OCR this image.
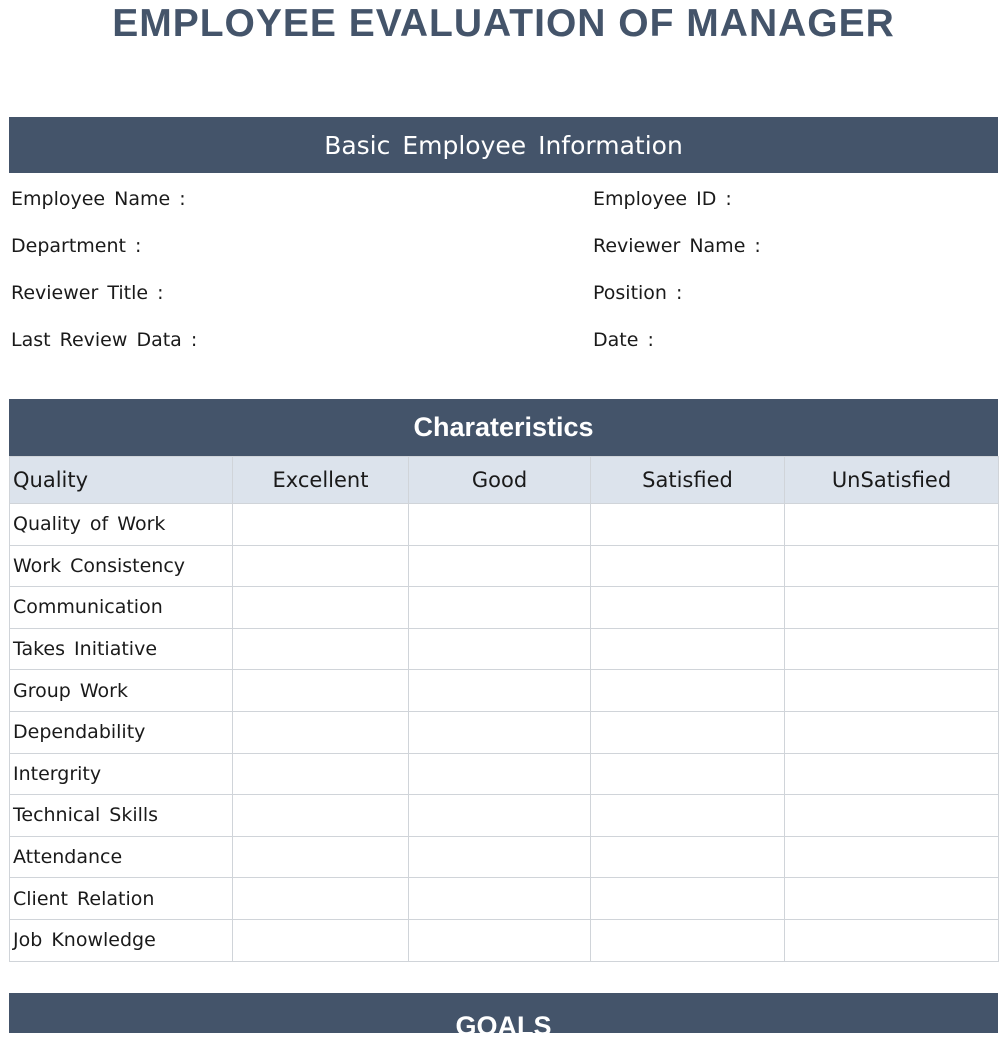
EMPLOYEE EVALUATION OF MANAGER
Basic Employee Information
Employee Name :	Employee ID :
Department :	Reviewer Name :
Reviewer Title :	Position :
Last Review Data :	Date :
Charateristics
Quality	Excellent	Good	Satisfied	UnSatisfied
Quality of Work				
Work Consistency				
Communication				
Takes Initiative				
Group Work				
Dependability				
Intergrity				
Technical Skills				
Attendance				
Client Relation				
Job Knowledge				
GOALS
